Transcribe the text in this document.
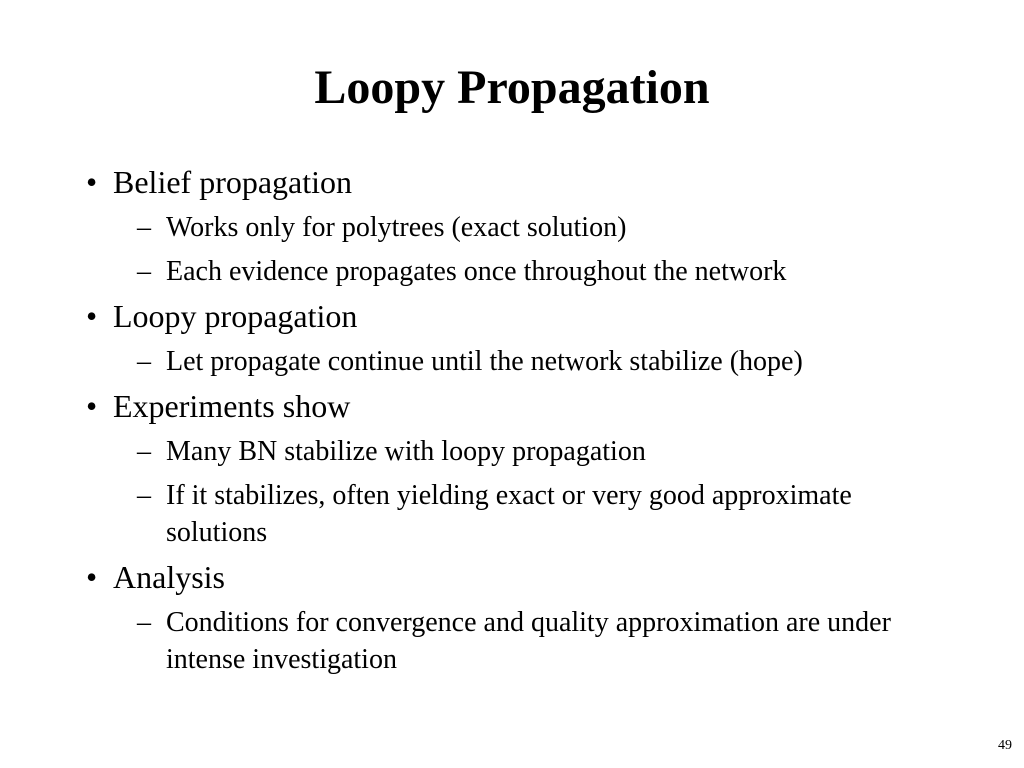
Loopy Propagation
• Belief propagation
– Works only for polytrees (exact solution)
– Each evidence propagates once throughout the network
• Loopy propagation
– Let propagate continue until the network stabilize (hope)
• Experiments show
– Many BN stabilize with loopy propagation
– If it stabilizes, often yielding exact or very good approximate solutions
• Analysis
– Conditions for convergence and quality approximation are under intense investigation
49
